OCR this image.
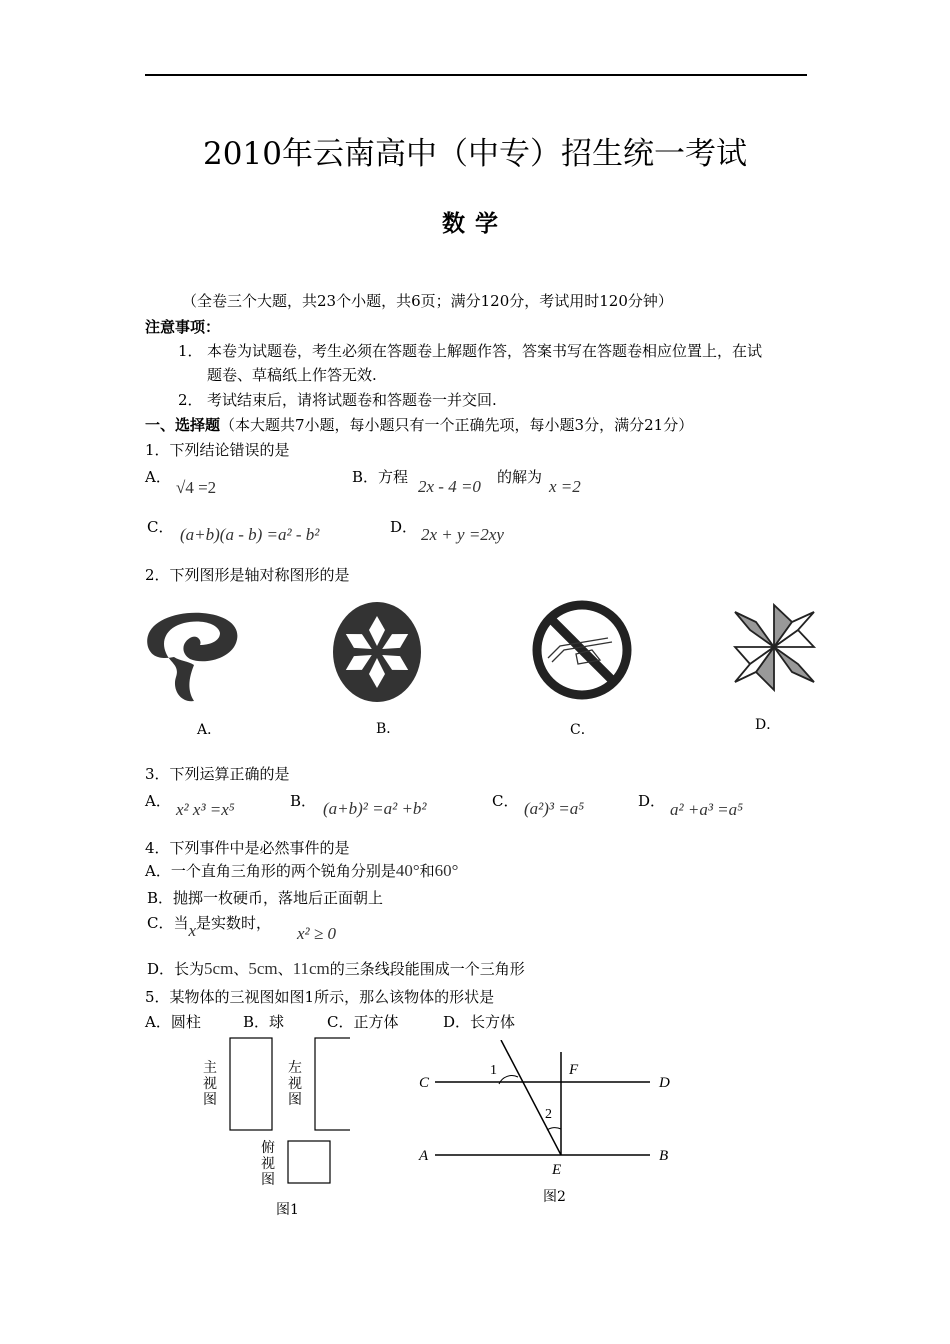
2010年云南高中（中专）招生统一考试
数学
（全卷三个大题，共23个小题，共6页；满分120分，考试用时120分钟）
注意事项：
1． 本卷为试题卷，考生必须在答题卷上解题作答，答案书写在答题卷相应位置上，在试
题卷、草稿纸上作答无效.
2． 考试结束后，请将试题卷和答题卷一并交回.
一、选择题（本大题共7小题，每小题只有一个正确先项，每小题3分，满分21分）
1．下列结论错误的是
A．
√4 =2
B．方程 2x - 4 =0 的解为 x =2
C． (a+b)(a - b) =a² - b²	D． 2x + y =2xy
2．下列图形是轴对称图形的是
A．	B．	C．	D．
3．下列运算正确的是
A． x² x³ =x⁵	B． (a+b)² =a² +b²	C． (a²)³ =a⁵	D． a² +a³ =a⁵
4．下列事件中是必然事件的是
A．一个直角三角形的两个锐角分别是40°和60°
B．抛掷一枚硬币，落地后正面朝上
C．当x是实数时，
x² ≥ 0
D．长为5cm、5cm、11cm的三条线段能围成一个三角形
5．某物体的三视图如图1所示，那么该物体的形状是
A．圆柱	B．球	C．正方体	D．长方体
主视图
左视图
俯视图
图1
C	D
F
A	B
E
1
2
图2
